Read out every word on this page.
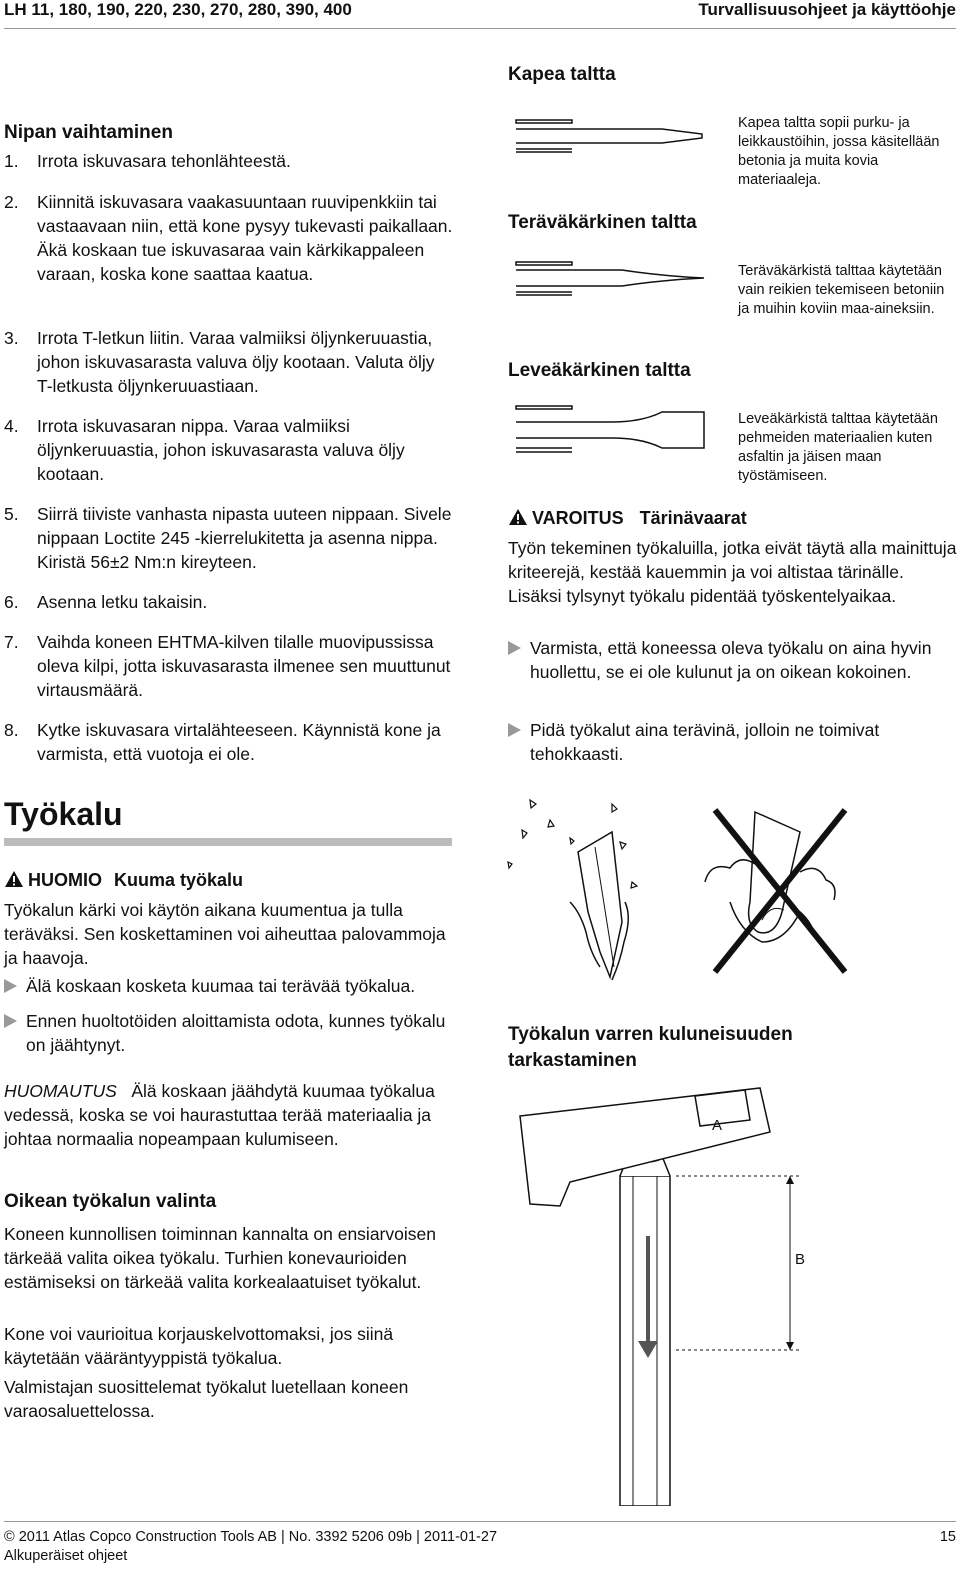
LH 11, 180, 190, 220, 230, 270, 280, 390, 400	Turvallisuusohjeet ja käyttöohje
Nipan vaihtaminen
1. Irrota iskuvasara tehonlähteestä.
2. Kiinnitä iskuvasara vaakasuuntaan ruuvipenkkiin tai vastaavaan niin, että kone pysyy tukevasti paikallaan. Äkä koskaan tue iskuvasaraa vain kärkikappaleen varaan, koska kone saattaa kaatua.
3. Irrota T-letkun liitin. Varaa valmiiksi öljynkeruuastia, johon iskuvasarasta valuva öljy kootaan. Valuta öljy T-letkusta öljynkeruuastiaan.
4. Irrota iskuvasaran nippa. Varaa valmiiksi öljynkeruuastia, johon iskuvasarasta valuva öljy kootaan.
5. Siirrä tiiviste vanhasta nipasta uuteen nippaan. Sivele nippaan Loctite 245 -kierrelukitetta ja asenna nippa. Kiristä 56±2 Nm:n kireyteen.
6. Asenna letku takaisin.
7. Vaihda koneen EHTMA-kilven tilalle muovipussissa oleva kilpi, jotta iskuvasarasta ilmenee sen muuttunut virtausmäärä.
8. Kytke iskuvasara virtalähteeseen. Käynnistä kone ja varmista, että vuotoja ei ole.
Työkalu
HUOMIO Kuuma työkalu
Työkalun kärki voi käytön aikana kuumentua ja tulla teräväksi. Sen koskettaminen voi aiheuttaa palovammoja ja haavoja.
Älä koskaan kosketa kuumaa tai terävää työkalua.
Ennen huoltotöiden aloittamista odota, kunnes työkalu on jäähtynyt.
HUOMAUTUS Älä koskaan jäähdytä kuumaa työkalua vedessä, koska se voi haurastuttaa terää materiaalia ja johtaa normaalia nopeampaan kulumiseen.
Oikean työkalun valinta
Koneen kunnollisen toiminnan kannalta on ensiarvoisen tärkeää valita oikea työkalu. Turhien konevaurioiden estämiseksi on tärkeää valita korkealaatuiset työkalut.
Kone voi vaurioitua korjauskelvottomaksi, jos siinä käytetään vääräntyyppistä työkalua.
Valmistajan suosittelemat työkalut luetellaan koneen varaosaluettelossa.
Kapea taltta
Kapea taltta sopii purku- ja leikkaustöihin, jossa käsitellään betonia ja muita kovia materiaaleja.
Teräväkärkinen taltta
Teräväkärkistä talttaa käytetään vain reikien tekemiseen betoniin ja muihin koviin maa-aineksiin.
Leveäkärkinen taltta
Leveäkärkistä talttaa käytetään pehmeiden materiaalien kuten asfaltin ja jäisen maan työstämiseen.
VAROITUS Tärinävaarat
Työn tekeminen työkaluilla, jotka eivät täytä alla mainittuja kriteerejä, kestää kauemmin ja voi altistaa tärinälle. Lisäksi tylsynyt työkalu pidentää työskentelyaikaa.
Varmista, että koneessa oleva työkalu on aina hyvin huollettu, se ei ole kulunut ja on oikean kokoinen.
Pidä työkalut aina terävinä, jolloin ne toimivat tehokkaasti.
Työkalun varren kuluneisuuden tarkastaminen
A
B
© 2011 Atlas Copco Construction Tools AB | No. 3392 5206 09b | 2011-01-27
Alkuperäiset ohjeet
15
